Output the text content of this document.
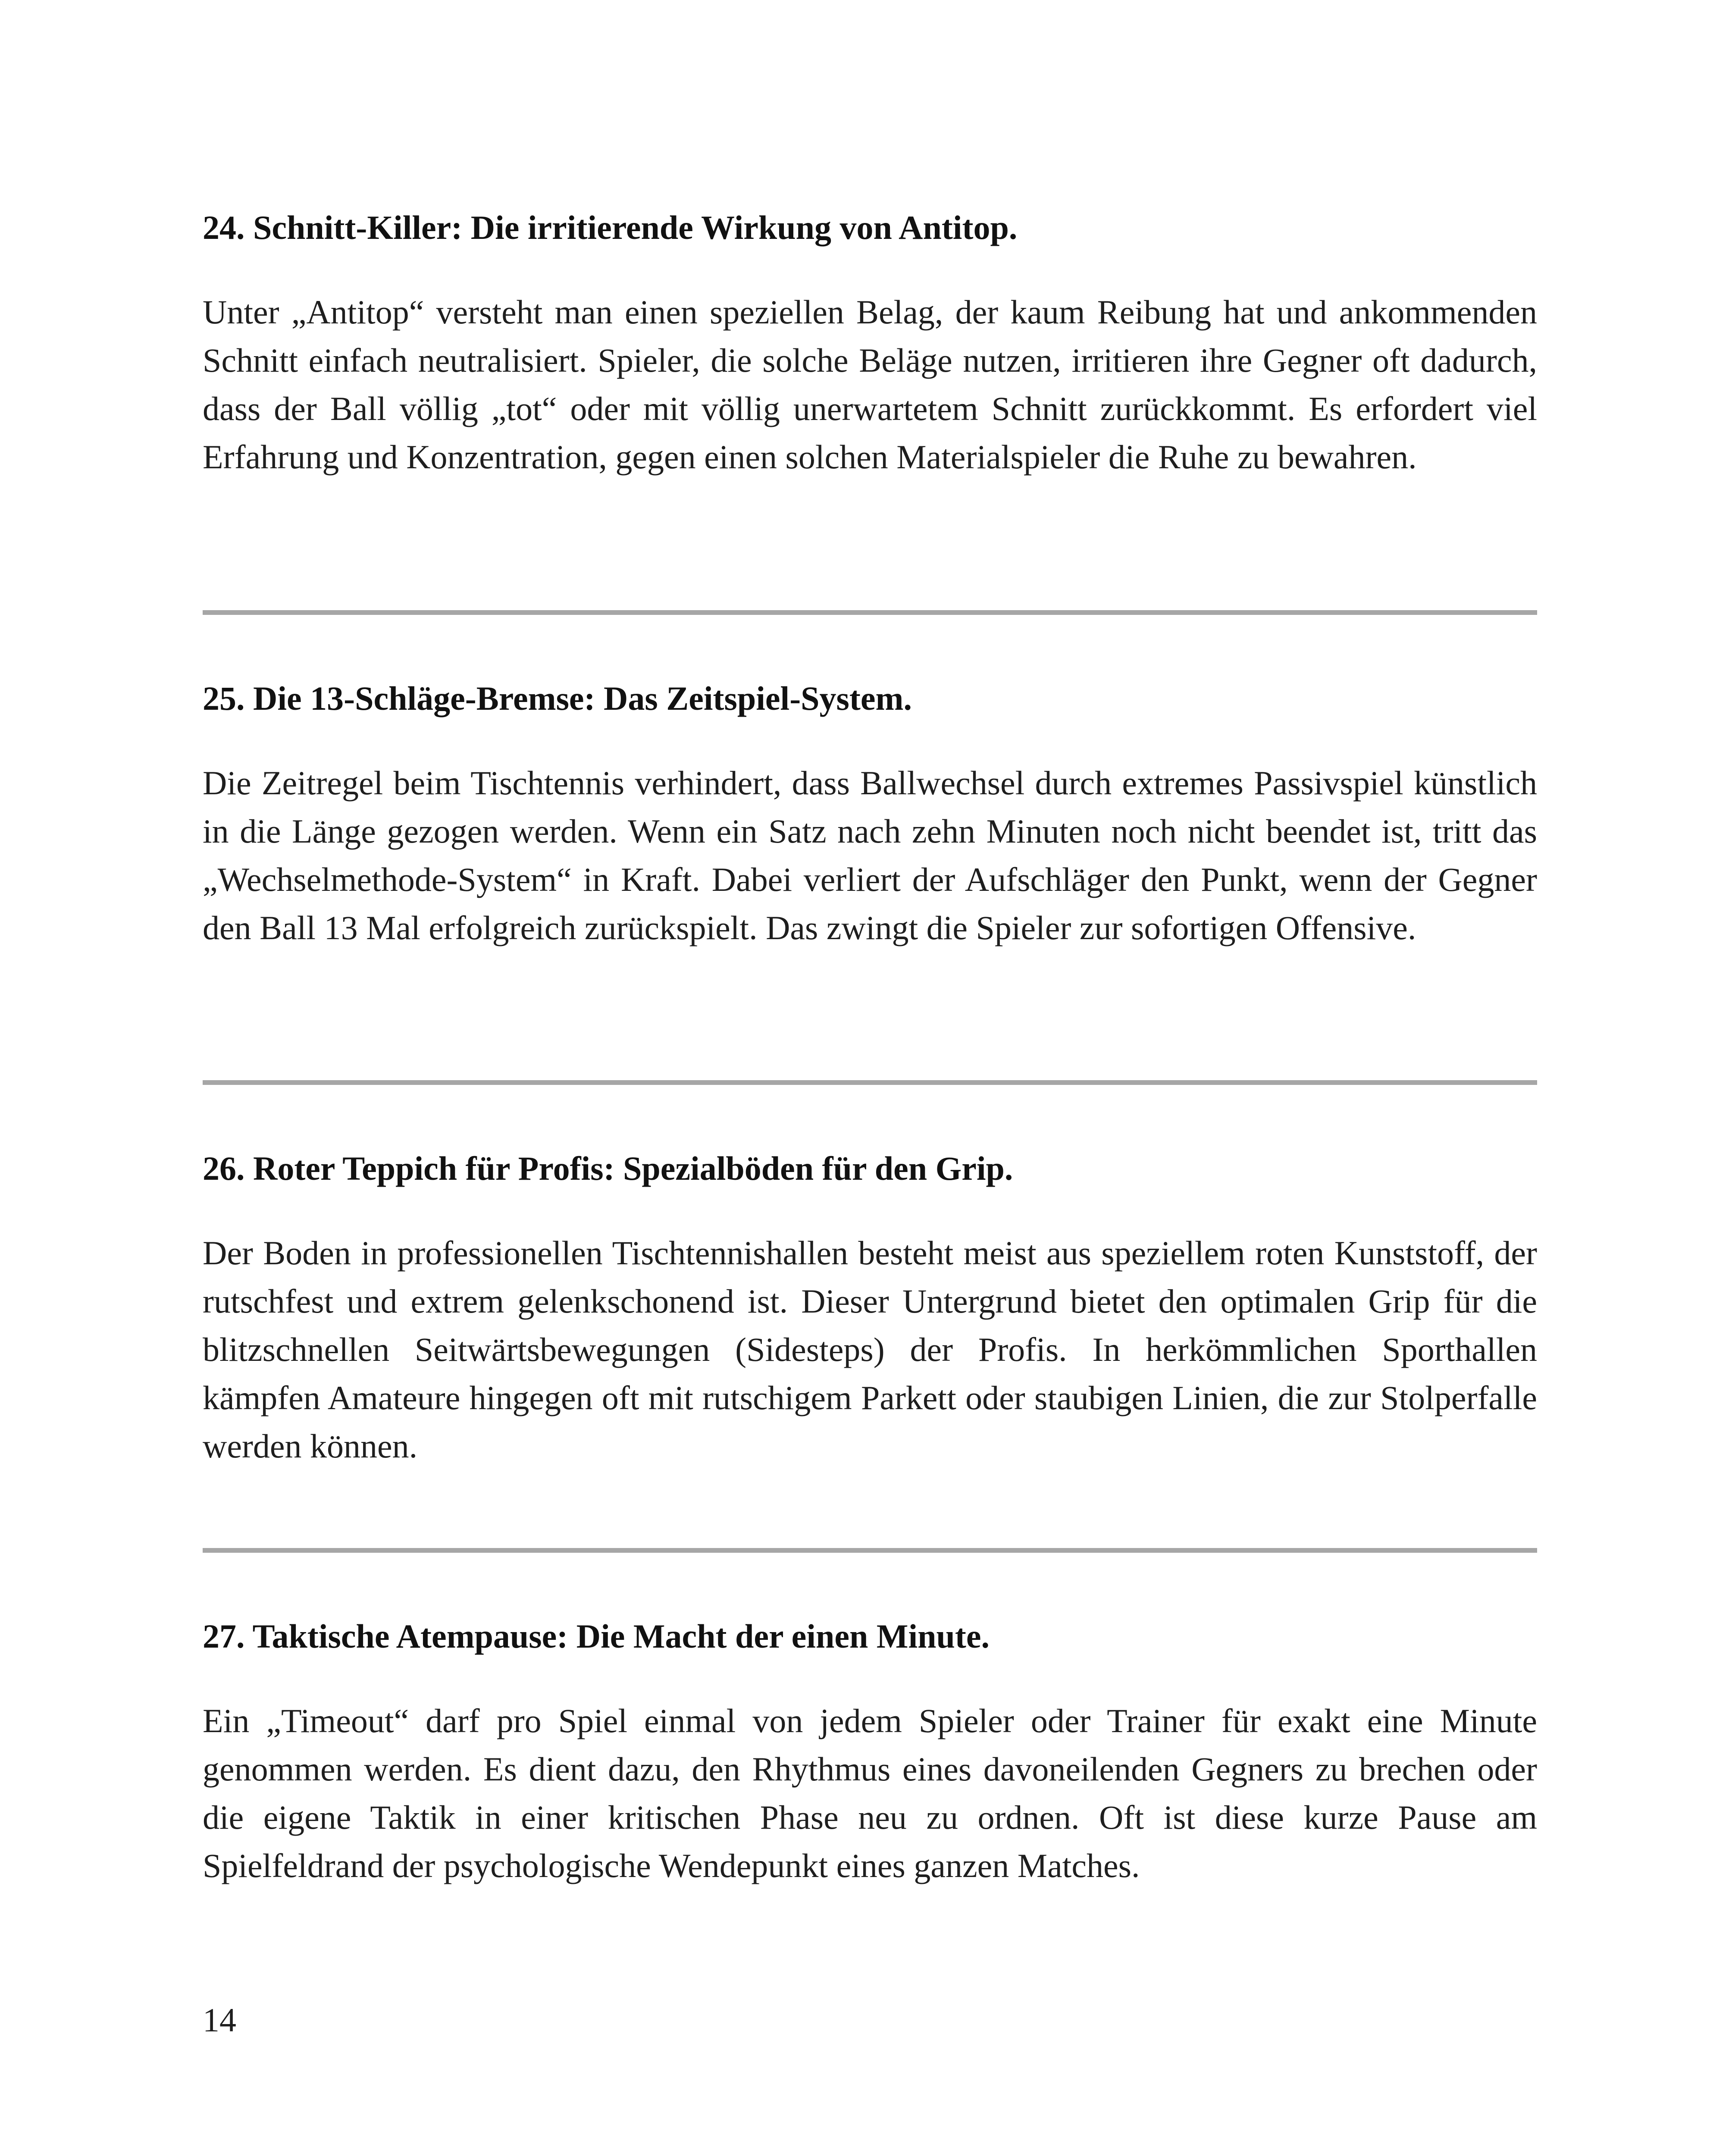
24. Schnitt-Killer: Die irritierende Wirkung von Antitop.

Unter „Antitop“ versteht man einen speziellen Belag, der kaum Reibung hat und ankommenden Schnitt einfach neutralisiert. Spieler, die solche Beläge nutzen, irritieren ihre Gegner oft dadurch, dass der Ball völlig „tot“ oder mit völlig unerwartetem Schnitt zurückkommt. Es erfordert viel Erfahrung und Konzentration, gegen einen solchen Materialspieler die Ruhe zu bewahren.

25. Die 13-Schläge-Bremse: Das Zeitspiel-System.

Die Zeitregel beim Tischtennis verhindert, dass Ballwechsel durch extremes Passivspiel künstlich in die Länge gezogen werden. Wenn ein Satz nach zehn Minuten noch nicht beendet ist, tritt das „Wechselmethode-System“ in Kraft. Dabei verliert der Aufschläger den Punkt, wenn der Gegner den Ball 13 Mal erfolgreich zurückspielt. Das zwingt die Spieler zur sofortigen Offensive.

26. Roter Teppich für Profis: Spezialböden für den Grip.

Der Boden in professionellen Tischtennishallen besteht meist aus speziellem roten Kunststoff, der rutschfest und extrem gelenkschonend ist. Dieser Untergrund bietet den optimalen Grip für die blitzschnellen Seitwärtsbewegungen (Sidesteps) der Profis. In herkömmlichen Sporthallen kämpfen Amateure hingegen oft mit rutschigem Parkett oder staubigen Linien, die zur Stolperfalle werden können.

27. Taktische Atempause: Die Macht der einen Minute.

Ein „Timeout“ darf pro Spiel einmal von jedem Spieler oder Trainer für exakt eine Minute genommen werden. Es dient dazu, den Rhythmus eines davoneilenden Gegners zu brechen oder die eigene Taktik in einer kritischen Phase neu zu ordnen. Oft ist diese kurze Pause am Spielfeldrand der psychologische Wendepunkt eines ganzen Matches.

14
